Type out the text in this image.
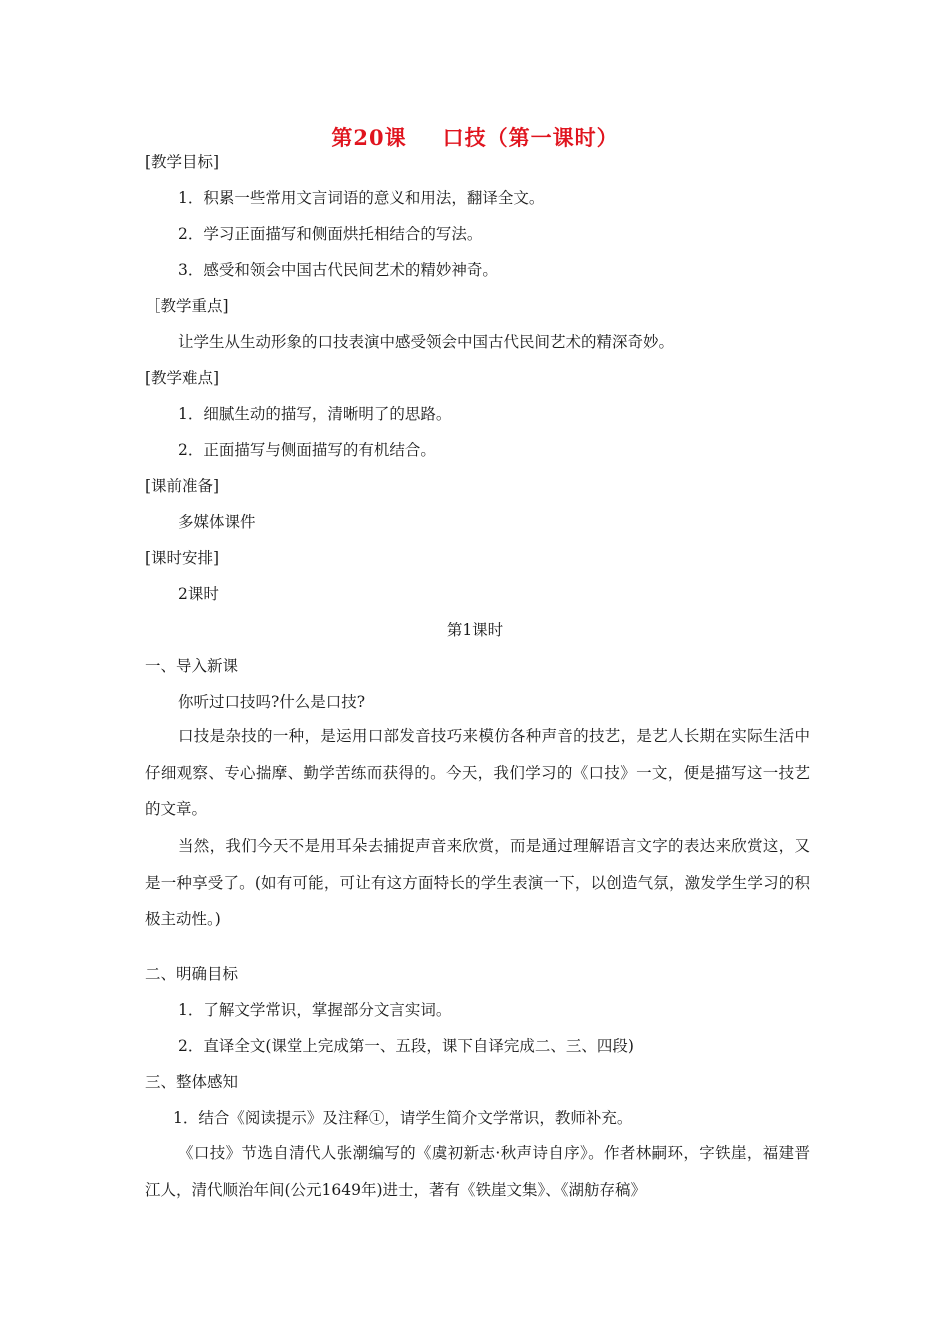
第20课 口技（第一课时）
[教学目标]
1．积累一些常用文言词语的意义和用法，翻译全文。
2．学习正面描写和侧面烘托相结合的写法。
3．感受和领会中国古代民间艺术的精妙神奇。
［教学重点]
让学生从生动形象的口技表演中感受领会中国古代民间艺术的精深奇妙。
[教学难点]
1．细腻生动的描写，清晰明了的思路。
2．正面描写与侧面描写的有机结合。
[课前准备]
多媒体课件
[课时安排]
2课时
第1课时
一、导入新课
你听过口技吗?什么是口技?
口技是杂技的一种，是运用口部发音技巧来模仿各种声音的技艺，是艺人长期在实际生活中仔细观察、专心揣摩、勤学苦练而获得的。今天，我们学习的《口技》一文，便是描写这一技艺的文章。
当然，我们今天不是用耳朵去捕捉声音来欣赏，而是通过理解语言文字的表达来欣赏这，又是一种享受了。(如有可能，可让有这方面特长的学生表演一下，以创造气氛，激发学生学习的积极主动性。)
二、明确目标
1．了解文学常识，掌握部分文言实词。
2．直译全文(课堂上完成第一、五段，课下自译完成二、三、四段)
三、整体感知
1．结合《阅读提示》及注释①，请学生简介文学常识，教师补充。
《口技》节选自清代人张潮编写的《虞初新志·秋声诗自序》。作者林嗣环，字铁崖，福建晋江人，清代顺治年间(公元1649年)进士，著有《铁崖文集》、《湖舫存稿》
